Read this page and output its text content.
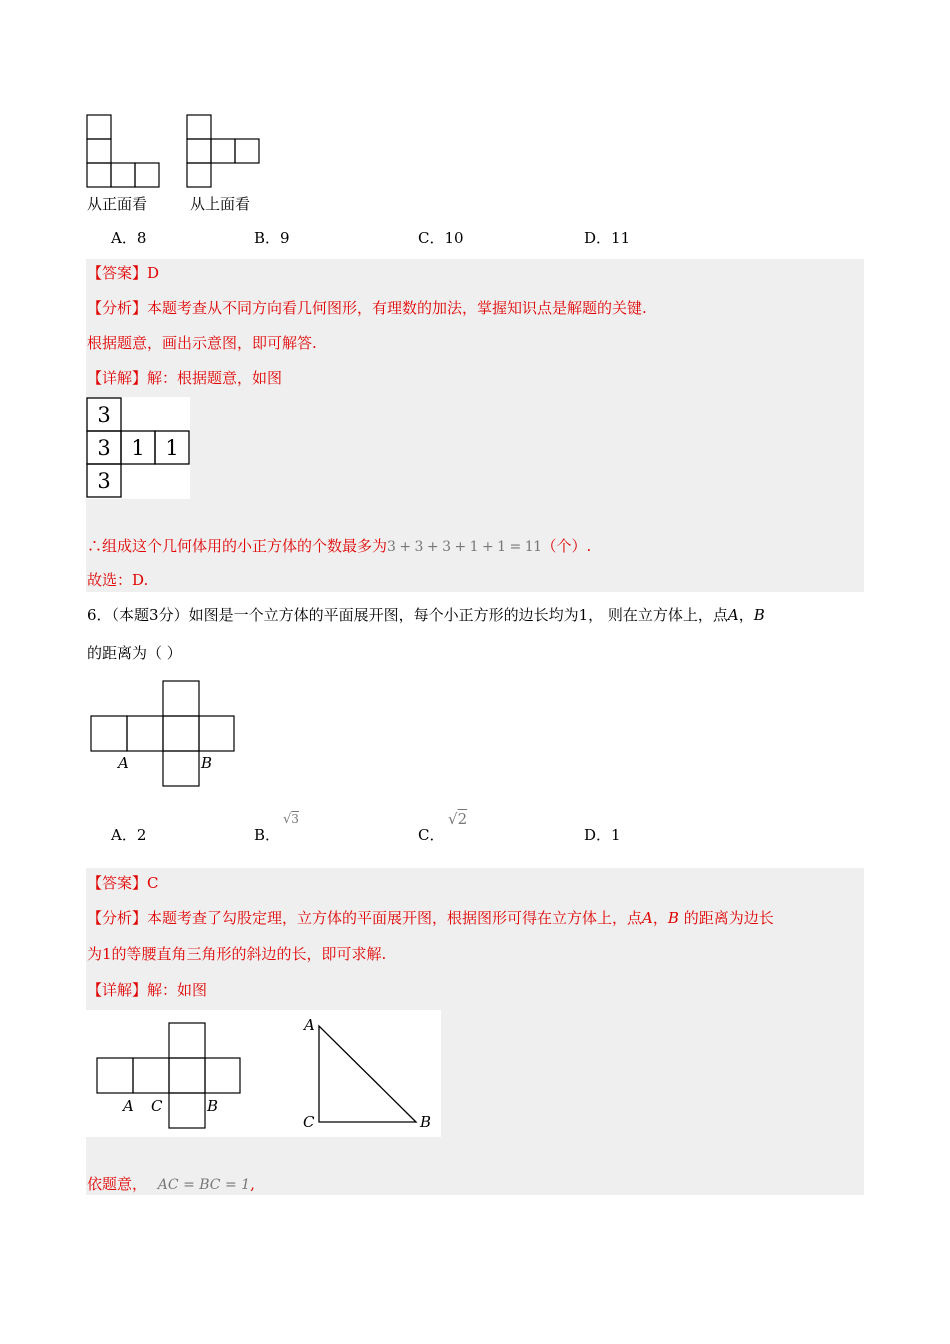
从正面看	从上面看
A．8	B．9	C．10	D．11
【答案】D
【分析】本题考查从不同方向看几何图形，有理数的加法，掌握知识点是解题的关键.
根据题意，画出示意图，即可解答.
【详解】解：根据题意，如图
3
3 1 1
3
∴组成这个几何体用的小正方体的个数最多为3 + 3 + 3 + 1 + 1 = 11（个）.
故选：D.
6．（本题3分）如图是一个立方体的平面展开图，每个小正方形的边长均为1， 则在立方体上，点A，B
的距离为（ ）
A	B
A．2	B．
√3
C．
√2
D．1
【答案】C
【分析】本题考查了勾股定理，立方体的平面展开图，根据图形可得在立方体上，点A，B 的距离为边长
为1的等腰直角三角形的斜边的长，即可求解.
【详解】解：如图
A C	B
A
C	B
依题意， AC = BC = 1,
